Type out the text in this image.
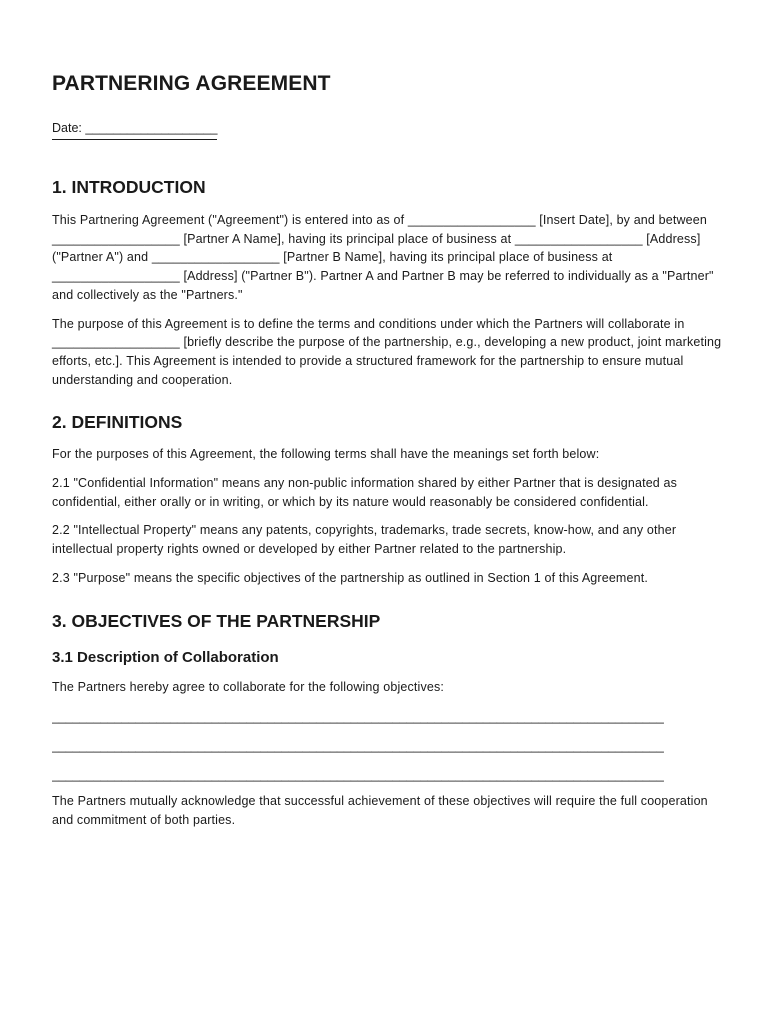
PARTNERING AGREEMENT
Date: ___________________
1. INTRODUCTION

This Partnering Agreement ("Agreement") is entered into as of __________________ [Insert Date], by and between __________________ [Partner A Name], having its principal place of business at __________________ [Address] ("Partner A") and __________________ [Partner B Name], having its principal place of business at __________________ [Address] ("Partner B"). Partner A and Partner B may be referred to individually as a "Partner" and collectively as the "Partners."

The purpose of this Agreement is to define the terms and conditions under which the Partners will collaborate in __________________ [briefly describe the purpose of the partnership, e.g., developing a new product, joint marketing efforts, etc.]. This Agreement is intended to provide a structured framework for the partnership to ensure mutual understanding and cooperation.

2. DEFINITIONS

For the purposes of this Agreement, the following terms shall have the meanings set forth below:

2.1 "Confidential Information" means any non-public information shared by either Partner that is designated as confidential, either orally or in writing, or which by its nature would reasonably be considered confidential.

2.2 "Intellectual Property" means any patents, copyrights, trademarks, trade secrets, know-how, and any other intellectual property rights owned or developed by either Partner related to the partnership.

2.3 "Purpose" means the specific objectives of the partnership as outlined in Section 1 of this Agreement.

3. OBJECTIVES OF THE PARTNERSHIP
3.1 Description of Collaboration

The Partners hereby agree to collaborate for the following objectives:

________________________________________________________________________________________
________________________________________________________________________________________
________________________________________________________________________________________

The Partners mutually acknowledge that successful achievement of these objectives will require the full cooperation and commitment of both parties.
